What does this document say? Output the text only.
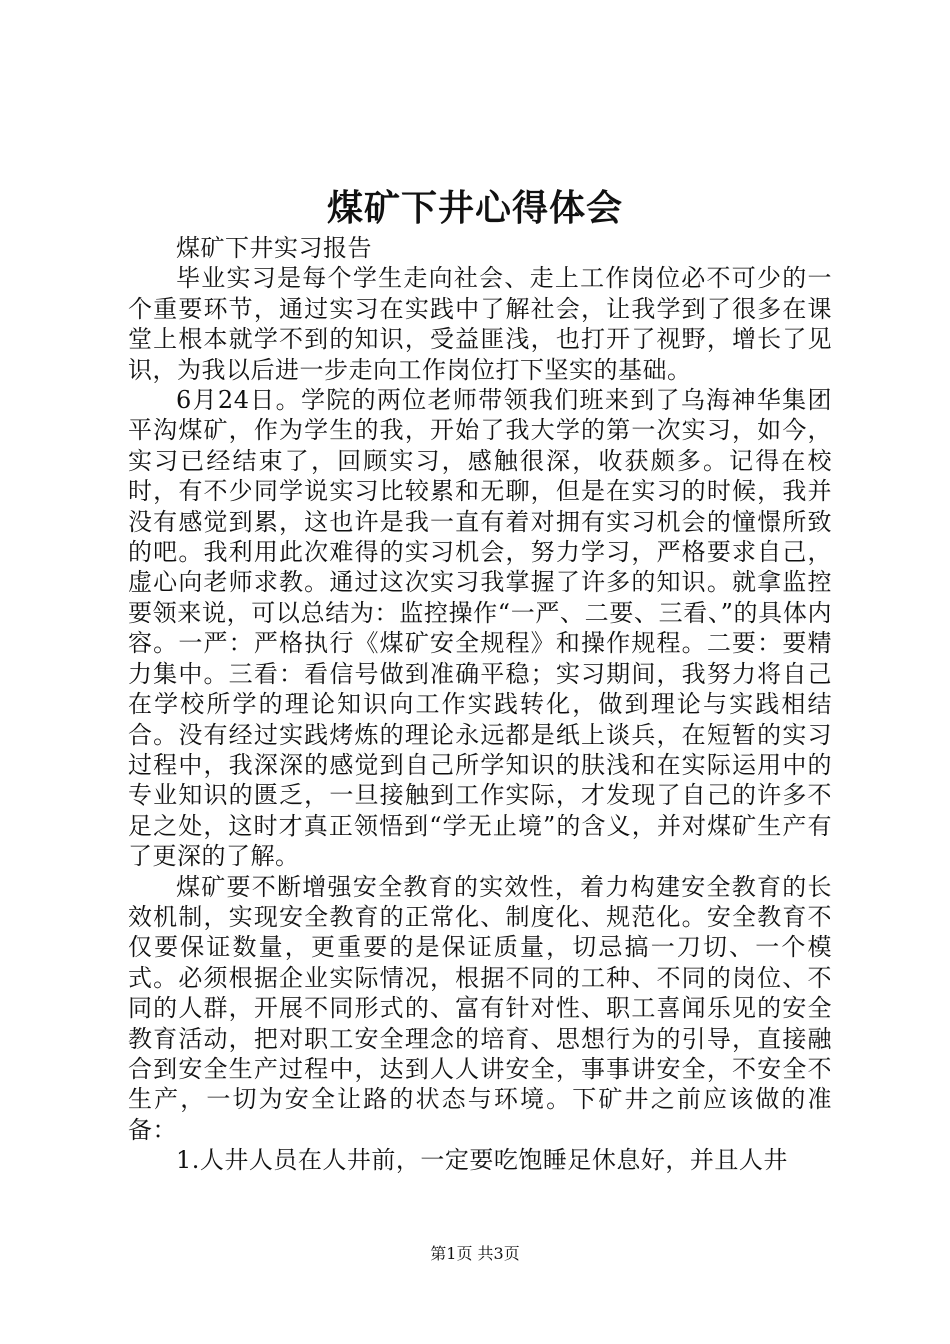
煤矿下井心得体会

煤矿下井实习报告

毕业实习是每个学生走向社会、走上工作岗位必不可少的一个重要环节，通过实习在实践中了解社会，让我学到了很多在课堂上根本就学不到的知识，受益匪浅，也打开了视野，增长了见识，为我以后进一步走向工作岗位打下坚实的基础。

6月24日。学院的两位老师带领我们班来到了乌海神华集团平沟煤矿，作为学生的我，开始了我大学的第一次实习，如今，实习已经结束了，回顾实习，感触很深，收获颇多。记得在校时，有不少同学说实习比较累和无聊，但是在实习的时候，我并没有感觉到累，这也许是我一直有着对拥有实习机会的憧憬所致的吧。我利用此次难得的实习机会，努力学习，严格要求自己，虚心向老师求教。通过这次实习我掌握了许多的知识。就拿监控要领来说，可以总结为：监控操作“一严、二要、三看、”的具体内容。一严：严格执行《煤矿安全规程》和操作规程。二要：要精力集中。三看：看信号做到准确平稳；实习期间，我努力将自己在学校所学的理论知识向工作实践转化，做到理论与实践相结合。没有经过实践烤炼的理论永远都是纸上谈兵，在短暂的实习过程中，我深深的感觉到自己所学知识的肤浅和在实际运用中的专业知识的匮乏，一旦接触到工作实际，才发现了自己的许多不足之处，这时才真正领悟到“学无止境”的含义，并对煤矿生产有了更深的了解。

煤矿要不断增强安全教育的实效性，着力构建安全教育的长效机制，实现安全教育的正常化、制度化、规范化。安全教育不仅要保证数量，更重要的是保证质量，切忌搞一刀切、一个模式。必须根据企业实际情况，根据不同的工种、不同的岗位、不同的人群，开展不同形式的、富有针对性、职工喜闻乐见的安全教育活动，把对职工安全理念的培育、思想行为的引导，直接融合到安全生产过程中，达到人人讲安全，事事讲安全，不安全不生产，一切为安全让路的状态与环境。下矿井之前应该做的准备：

1.人井人员在人井前，一定要吃饱睡足休息好，并且人井

第1页 共3页
